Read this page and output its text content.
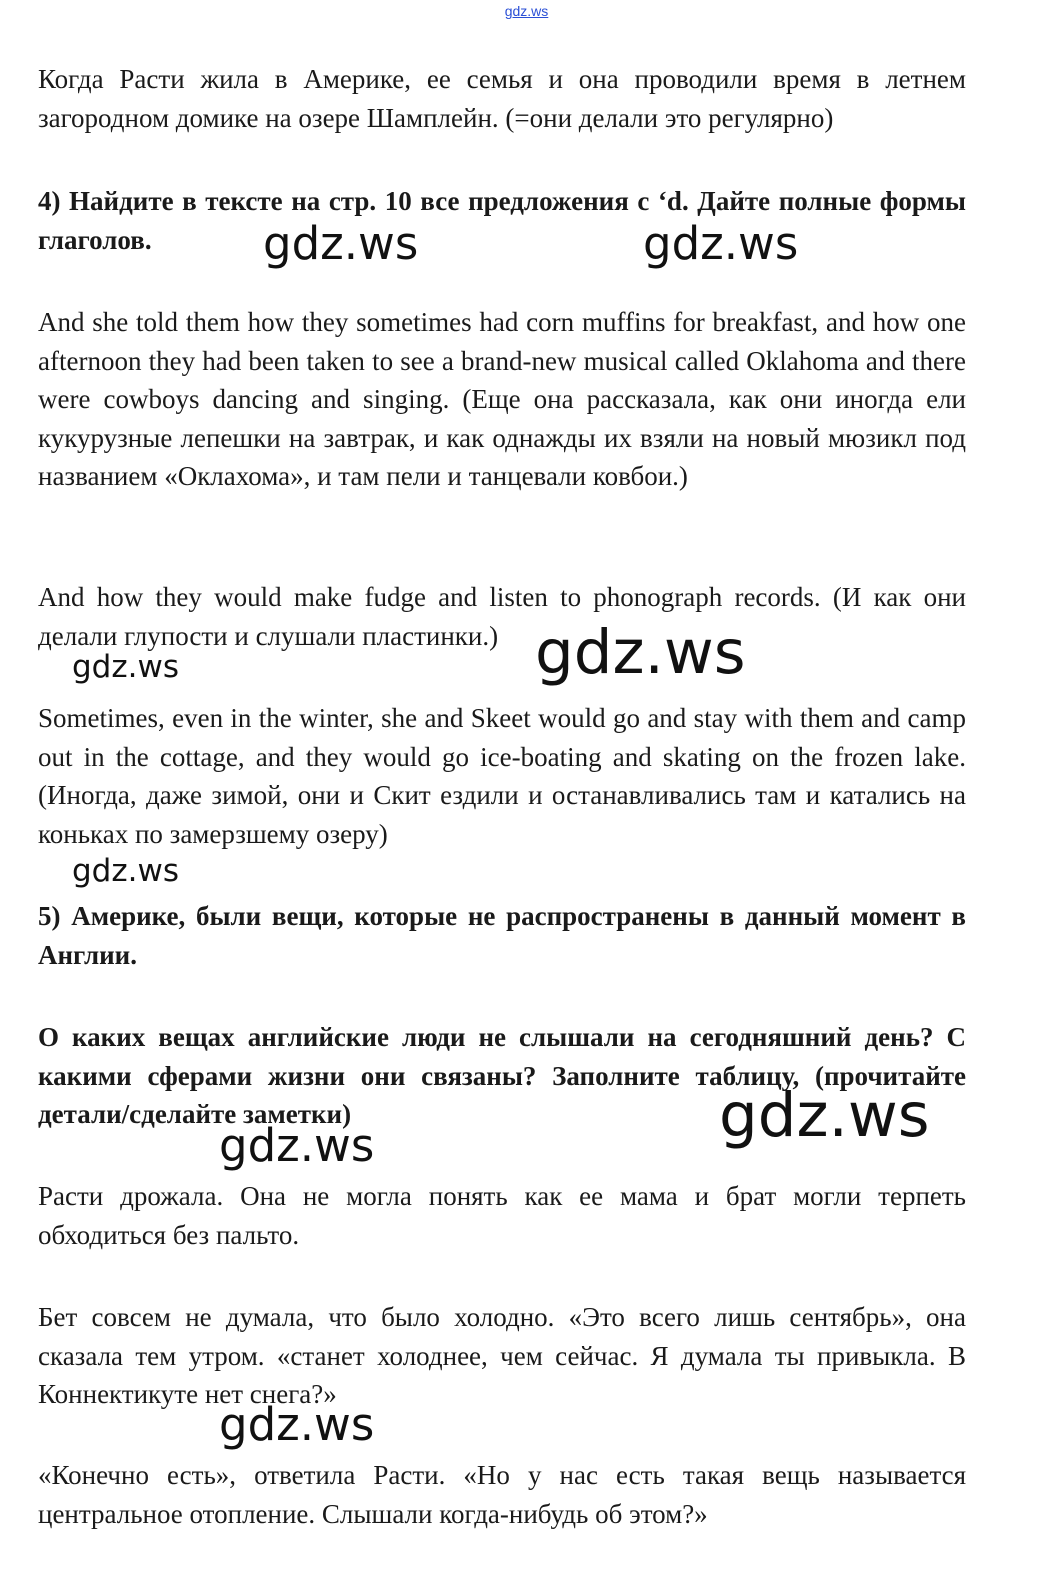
gdz.ws

Когда Расти жила в Америке, ее семья и она проводили время в летнем загородном домике на озере Шамплейн. (=они делали это регулярно)

4) Найдите в тексте на стр. 10 все предложения с ‘d. Дайте полные формы глаголов.

And she told them how they sometimes had corn muffins for breakfast, and how one afternoon they had been taken to see a brand-new musical called Oklahoma and there were cowboys dancing and singing. (Еще она рассказала, как они иногда ели кукурузные лепешки на завтрак, и как однажды их взяли на новый мюзикл под названием «Оклахома», и там пели и танцевали ковбои.)

And how they would make fudge and listen to phonograph records. (И как они делали глупости и слушали пластинки.)

Sometimes, even in the winter, she and Skeet would go and stay with them and camp out in the cottage, and they would go ice-boating and skating on the frozen lake. (Иногда, даже зимой, они и Скит ездили и останавливались там и катались на коньках по замерзшему озеру)

5) Америке, были вещи, которые не распространены в данный момент в Англии.

О каких вещах английские люди не слышали на сегодняшний день? С какими сферами жизни они связаны? Заполните таблицу, (прочитайте детали/сделайте заметки)

Расти дрожала. Она не могла понять как ее мама и брат могли терпеть обходиться без пальто.

Бет совсем не думала, что было холодно. «Это всего лишь сентябрь», она сказала тем утром. «станет холоднее, чем сейчас. Я думала ты привыкла. В Коннектикуте нет снега?»

«Конечно есть», ответила Расти. «Но у нас есть такая вещь называется центральное отопление. Слышали когда-нибудь об этом?»

gdz.ws	gdz.ws
gdz.ws
gdz.ws
gdz.ws
gdz.ws
gdz.ws
gdz.ws
